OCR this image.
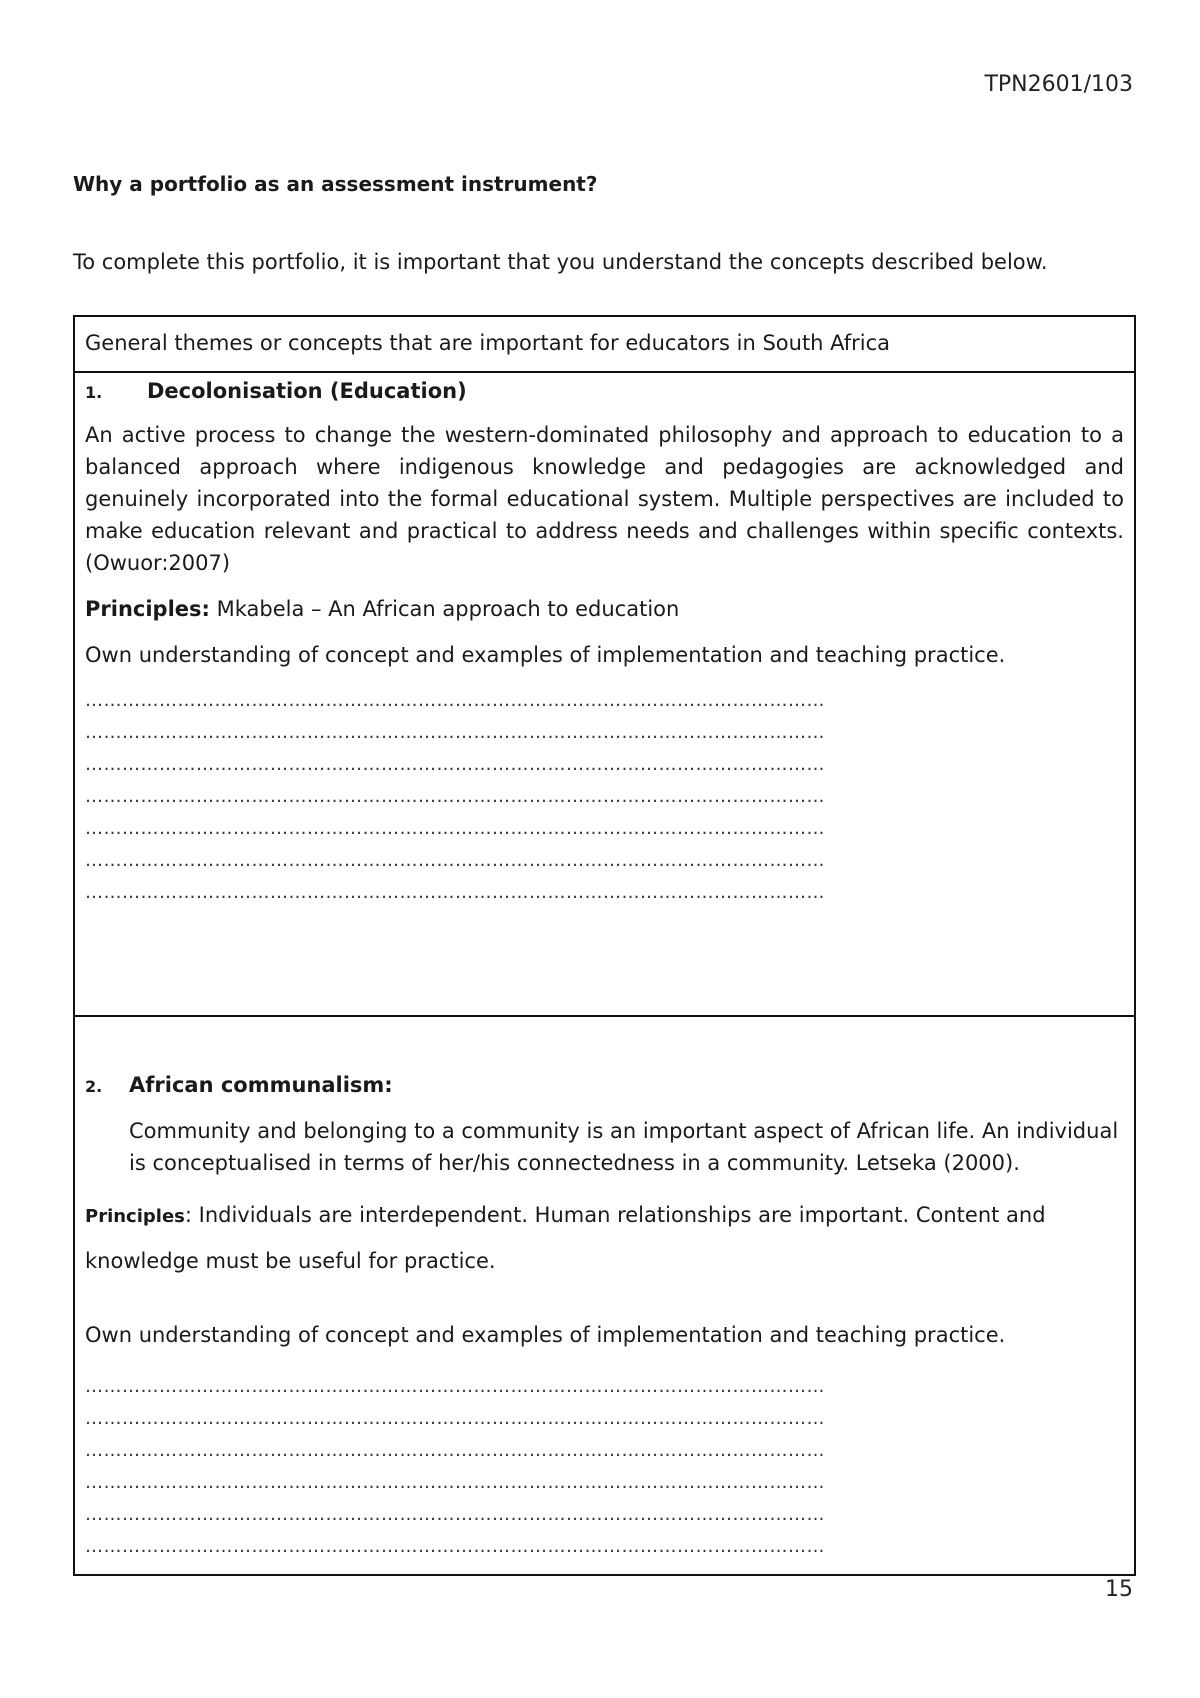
TPN2601/103
Why a portfolio as an assessment instrument?

To complete this portfolio, it is important that you understand the concepts described below.

General themes or concepts that are important for educators in South Africa
1.	Decolonisation (Education)

An active process to change the western-dominated philosophy and approach to education to a balanced approach where indigenous knowledge and pedagogies are acknowledged and genuinely incorporated into the formal educational system. Multiple perspectives are included to make education relevant and practical to address needs and challenges within specific contexts. (Owuor:2007)

Principles: Mkabela – An African approach to education

Own understanding of concept and examples of implementation and teaching practice.

…………………………………………………………………………………………………………
…………………………………………………………………………………………………………
…………………………………………………………………………………………………………
…………………………………………………………………………………………………………
…………………………………………………………………………………………………………
…………………………………………………………………………………………………………
…………………………………………………………………………………………………………
2.	African communalism:

Community and belonging to a community is an important aspect of African life. An individual is conceptualised in terms of her/his connectedness in a community. Letseka (2000).

Principles: Individuals are interdependent. Human relationships are important. Content and knowledge must be useful for practice.

Own understanding of concept and examples of implementation and teaching practice.

…………………………………………………………………………………………………………
…………………………………………………………………………………………………………
…………………………………………………………………………………………………………
…………………………………………………………………………………………………………
…………………………………………………………………………………………………………
…………………………………………………………………………………………………………
15
